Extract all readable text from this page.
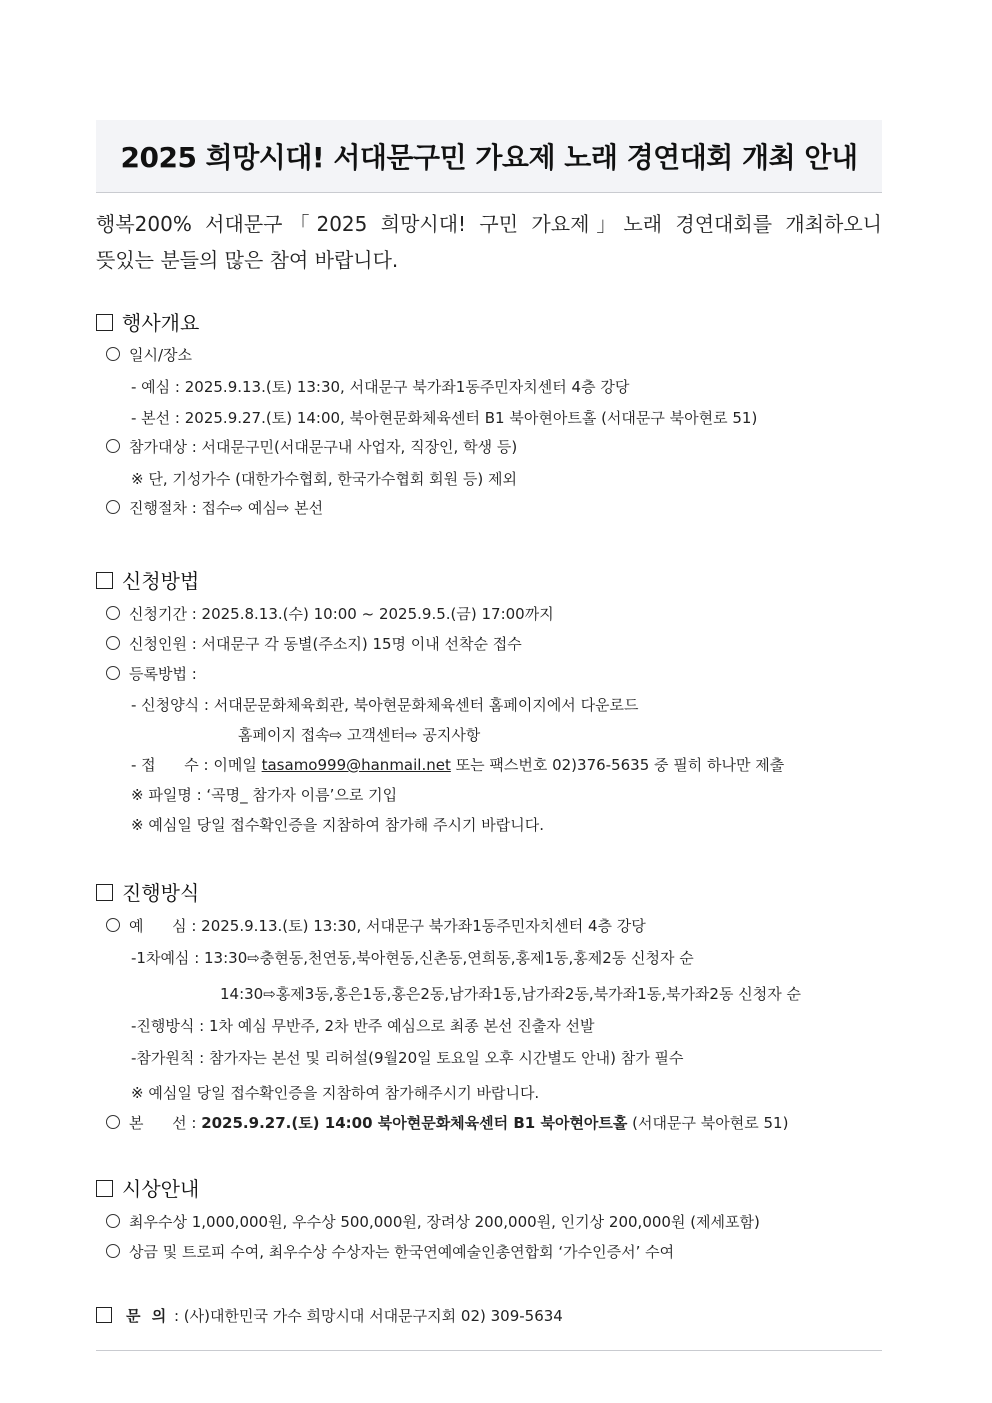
2025 희망시대! 서대문구민 가요제 노래 경연대회 개최 안내
행복200% 서대문구「2025 희망시대! 구민 가요제」노래 경연대회를 개최하오니
뜻있는 분들의 많은 참여 바랍니다.
행사개요
일시/장소
- 예심 : 2025.9.13.(토) 13:30, 서대문구 북가좌1동주민자치센터 4층 강당
- 본선 : 2025.9.27.(토) 14:00, 북아현문화체육센터 B1 북아현아트홀 (서대문구 북아현로 51)
참가대상 : 서대문구민(서대문구내 사업자, 직장인, 학생 등)
※ 단, 기성가수 (대한가수협회, 한국가수협회 회원 등) 제외
진행절차 : 접수⇨ 예심⇨ 본선
신청방법
신청기간 : 2025.8.13.(수) 10:00 ~ 2025.9.5.(금) 17:00까지
신청인원 : 서대문구 각 동별(주소지) 15명 이내 선착순 접수
등록방법 :
- 신청양식 : 서대문문화체육회관, 북아현문화체육센터 홈페이지에서 다운로드
홈페이지 접속⇨ 고객센터⇨ 공지사항
- 접      수 : 이메일 tasamo999@hanmail.net 또는 팩스번호 02)376-5635 중 필히 하나만 제출
※ 파일명 : ‘곡명_ 참가자 이름’으로 기입
※ 예심일 당일 접수확인증을 지참하여 참가해 주시기 바랍니다.
진행방식
예      심 : 2025.9.13.(토) 13:30, 서대문구 북가좌1동주민자치센터 4층 강당
-1차예심 : 13:30⇨충현동,천연동,북아현동,신촌동,연희동,홍제1동,홍제2동 신청자 순
14:30⇨홍제3동,홍은1동,홍은2동,남가좌1동,남가좌2동,북가좌1동,북가좌2동 신청자 순
-진행방식 : 1차 예심 무반주, 2차 반주 예심으로 최종 본선 진출자 선발
-참가원칙 : 참가자는 본선 및 리허설(9월20일 토요일 오후 시간별도 안내) 참가 필수
※ 예심일 당일 접수확인증을 지참하여 참가해주시기 바랍니다.
본      선 : 2025.9.27.(토) 14:00 북아현문화체육센터 B1 북아현아트홀 (서대문구 북아현로 51)
시상안내
최우수상 1,000,000원, 우수상 500,000원, 장려상 200,000원, 인기상 200,000원 (제세포함)
상금 및 트로피 수여, 최우수상 수상자는 한국연예예술인총연합회 ‘가수인증서’ 수여
문 의 : (사)대한민국 가수 희망시대 서대문구지회 02) 309-5634
